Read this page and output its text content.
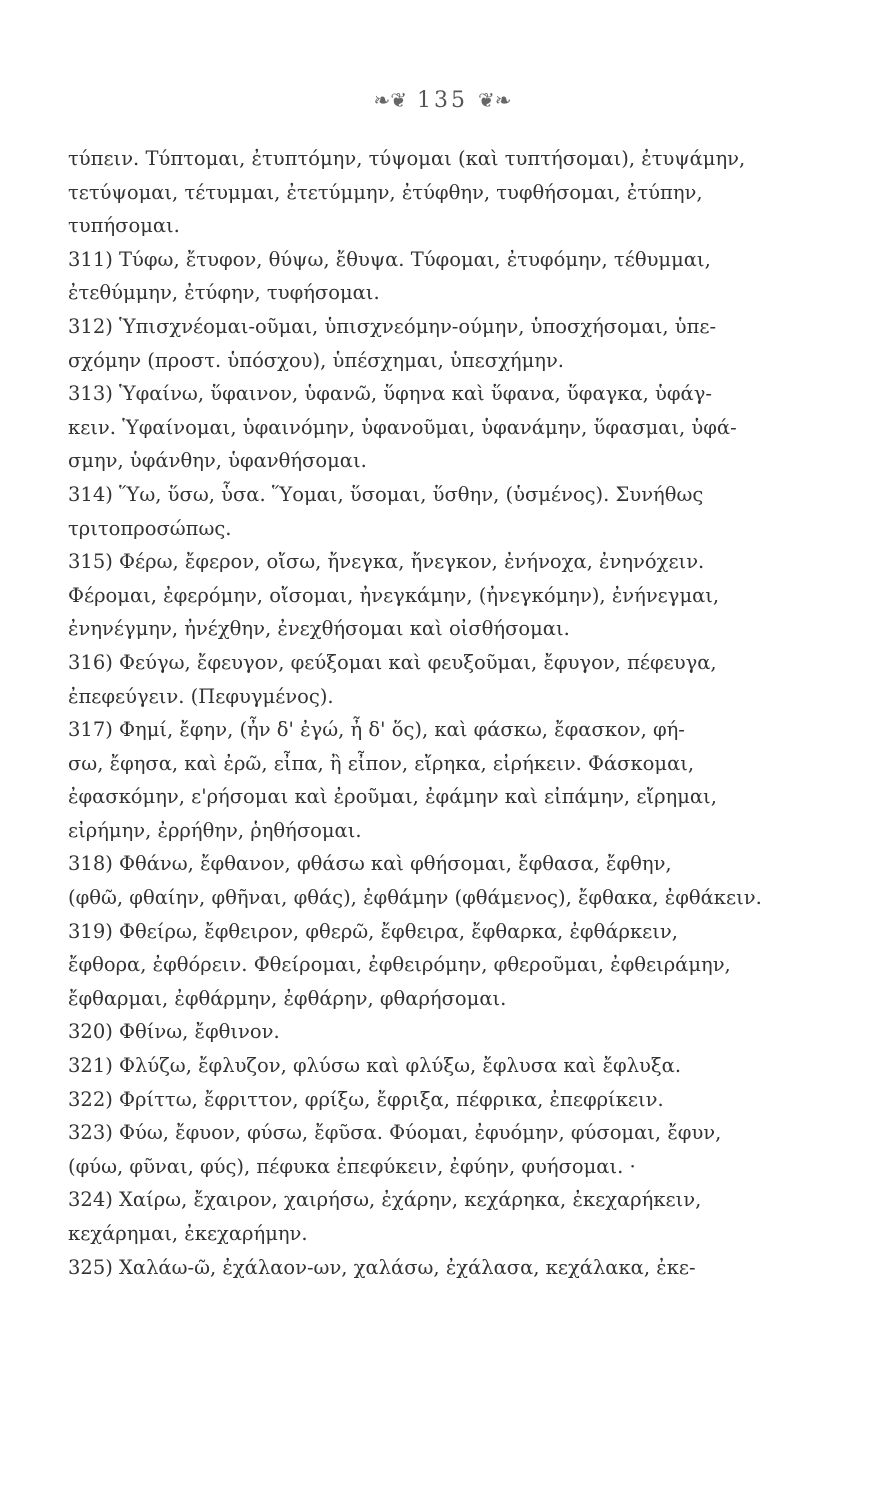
❧❦ 135 ❦❧
τύπειν. Τύπτομαι, ἐτυπτόμην, τύψομαι (καὶ τυπτήσομαι), ἐτυψάμην,
τετύψομαι, τέτυμμαι, ἐτετύμμην, ἐτύφθην, τυφθήσομαι, ἐτύπην,
τυπήσομαι.
311) Τύφω, ἔτυφον, θύψω, ἔθυψα. Τύφομαι, ἐτυφόμην, τέθυμμαι,
ἐτεθύμμην, ἐτύφην, τυφήσομαι.
312) Ὑπισχνέομαι-οῦμαι, ὑπισχνεόμην-ούμην, ὑποσχήσομαι, ὑπε-
σχόμην (προστ. ὑπόσχου), ὑπέσχημαι, ὑπεσχήμην.
313) Ὑφαίνω, ὕφαινον, ὑφανῶ, ὕφηνα καὶ ὕφανα, ὕφαγκα, ὑφάγ-
κειν. Ὑφαίνομαι, ὑφαινόμην, ὑφανοῦμαι, ὑφανάμην, ὕφασμαι, ὑφά-
σμην, ὑφάνθην, ὑφανθήσομαι.
314) Ὕω, ὕσω, ὗσα. Ὕομαι, ὕσομαι, ὕσθην, (ὑσμένος). Συνήθως
τριτοπροσώπως.
315) Φέρω, ἔφερον, οἴσω, ἤνεγκα, ἤνεγκον, ἐνήνοχα, ἐνηνόχειν.
Φέρομαι, ἐφερόμην, οἴσομαι, ἠνεγκάμην, (ἠνεγκόμην), ἐνήνεγμαι,
ἐνηνέγμην, ἠνέχθην, ἐνεχθήσομαι καὶ οἰσθήσομαι.
316) Φεύγω, ἔφευγον, φεύξομαι καὶ φευξοῦμαι, ἔφυγον, πέφευγα,
ἐπεφεύγειν. (Πεφυγμένος).
317) Φημί, ἔφην, (ἦν δ' ἐγώ, ἦ δ' ὅς), καὶ φάσκω, ἔφασκον, φή-
σω, ἔφησα, καὶ ἐρῶ, εἶπα, ἢ εἶπον, εἴρηκα, εἰρήκειν. Φάσκομαι,
ἐφασκόμην, ε'ρήσομαι καὶ ἐροῦμαι, ἐφάμην καὶ εἰπάμην, εἴρημαι,
εἰρήμην, ἐρρήθην, ῥηθήσομαι.
318) Φθάνω, ἔφθανον, φθάσω καὶ φθήσομαι, ἔφθασα, ἔφθην,
(φθῶ, φθαίην, φθῆναι, φθάς), ἐφθάμην (φθάμενος), ἔφθακα, ἐφθάκειν.
319) Φθείρω, ἔφθειρον, φθερῶ, ἔφθειρα, ἔφθαρκα, ἐφθάρκειν,
ἔφθορα, ἐφθόρειν. Φθείρομαι, ἐφθειρόμην, φθεροῦμαι, ἐφθειράμην,
ἔφθαρμαι, ἐφθάρμην, ἐφθάρην, φθαρήσομαι.
320) Φθίνω, ἔφθινον.
321) Φλύζω, ἔφλυζον, φλύσω καὶ φλύξω, ἔφλυσα καὶ ἔφλυξα.
322) Φρίττω, ἔφριττον, φρίξω, ἔφριξα, πέφρικα, ἐπεφρίκειν.
323) Φύω, ἔφυον, φύσω, ἔφῦσα. Φύομαι, ἐφυόμην, φύσομαι, ἔφυν,
(φύω, φῦναι, φύς), πέφυκα ἐπεφύκειν, ἐφύην, φυήσομαι. ·
324) Χαίρω, ἔχαιρον, χαιρήσω, ἐχάρην, κεχάρηκα, ἐκεχαρήκειν,
κεχάρημαι, ἐκεχαρήμην.
325) Χαλάω-ῶ, ἐχάλαον-ων, χαλάσω, ἐχάλασα, κεχάλακα, ἐκε-
